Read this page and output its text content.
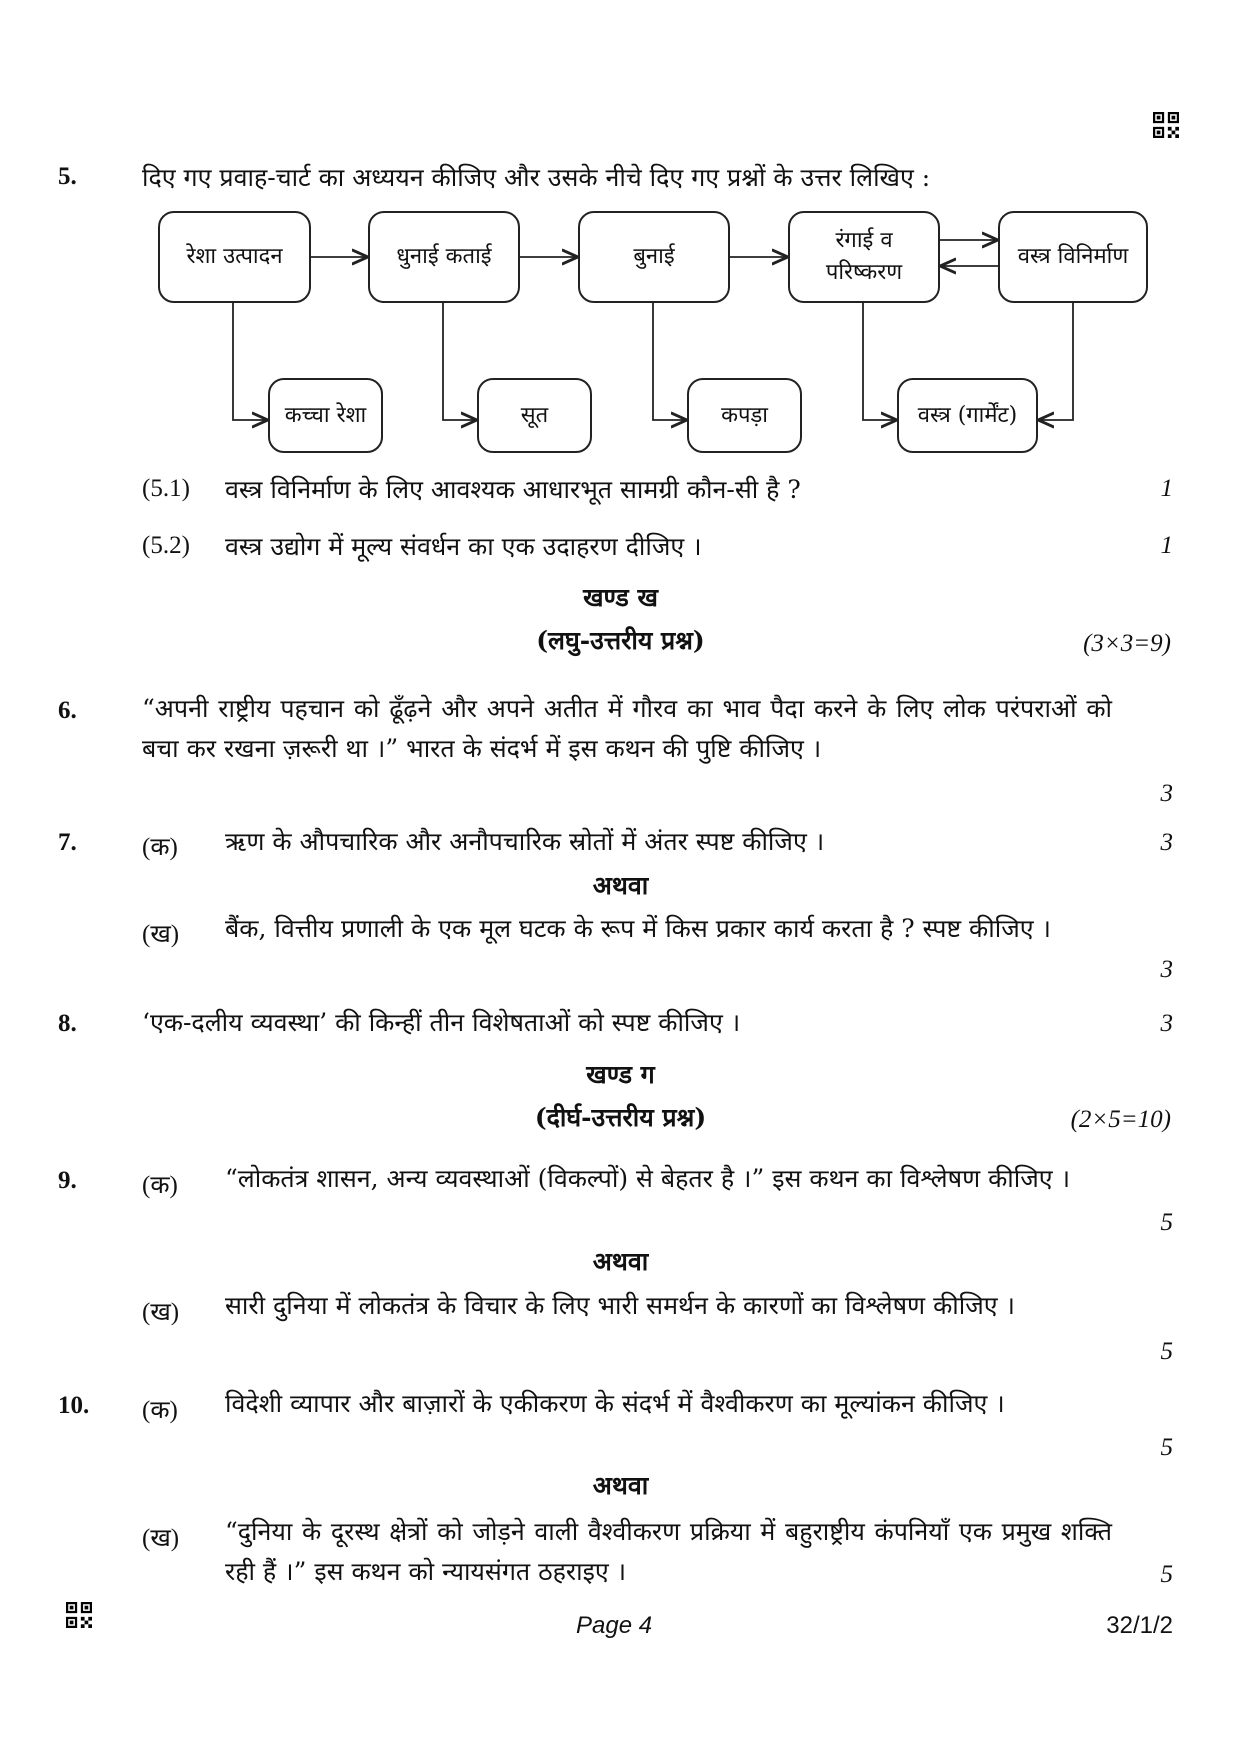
5.	दिए गए प्रवाह-चार्ट का अध्ययन कीजिए और उसके नीचे दिए गए प्रश्नों के उत्तर लिखिए :
रेशा उत्पादन	धुनाई कताई	बुनाई
रंगाई व परिष्करण
वस्त्र विनिर्माण
कच्चा रेशा	सूत	कपड़ा	वस्त्र (गार्मेंट)
(5.1) वस्त्र विनिर्माण के लिए आवश्यक आधारभूत सामग्री कौन-सी है ?	1
(5.2) वस्त्र उद्योग में मूल्य संवर्धन का एक उदाहरण दीजिए ।	1
खण्ड ख
(लघु-उत्तरीय प्रश्न)	(3×3=9)
6.	“अपनी राष्ट्रीय पहचान को ढूँढ़ने और अपने अतीत में गौरव का भाव पैदा करने के लिए लोक परंपराओं को बचा कर रखना ज़रूरी था ।” भारत के संदर्भ में इस कथन की पुष्टि कीजिए ।
3
7.	(क) ऋण के औपचारिक और अनौपचारिक स्रोतों में अंतर स्पष्ट कीजिए ।	3
अथवा
(ख) बैंक, वित्तीय प्रणाली के एक मूल घटक के रूप में किस प्रकार कार्य करता है ? स्पष्ट कीजिए ।
3
8.	‘एक-दलीय व्यवस्था’ की किन्हीं तीन विशेषताओं को स्पष्ट कीजिए ।	3
खण्ड ग
(दीर्घ-उत्तरीय प्रश्न)	(2×5=10)
9.	(क) “लोकतंत्र शासन, अन्य व्यवस्थाओं (विकल्पों) से बेहतर है ।” इस कथन का विश्लेषण कीजिए ।
5
अथवा
(ख) सारी दुनिया में लोकतंत्र के विचार के लिए भारी समर्थन के कारणों का विश्लेषण कीजिए ।
5
10. (क) विदेशी व्यापार और बाज़ारों के एकीकरण के संदर्भ में वैश्वीकरण का मूल्यांकन कीजिए ।
5
अथवा
(ख) “दुनिया के दूरस्थ क्षेत्रों को जोड़ने वाली वैश्वीकरण प्रक्रिया में बहुराष्ट्रीय कंपनियाँ एक प्रमुख शक्ति रही हैं ।” इस कथन को न्यायसंगत ठहराइए ।	5
Page 4	32/1/2
